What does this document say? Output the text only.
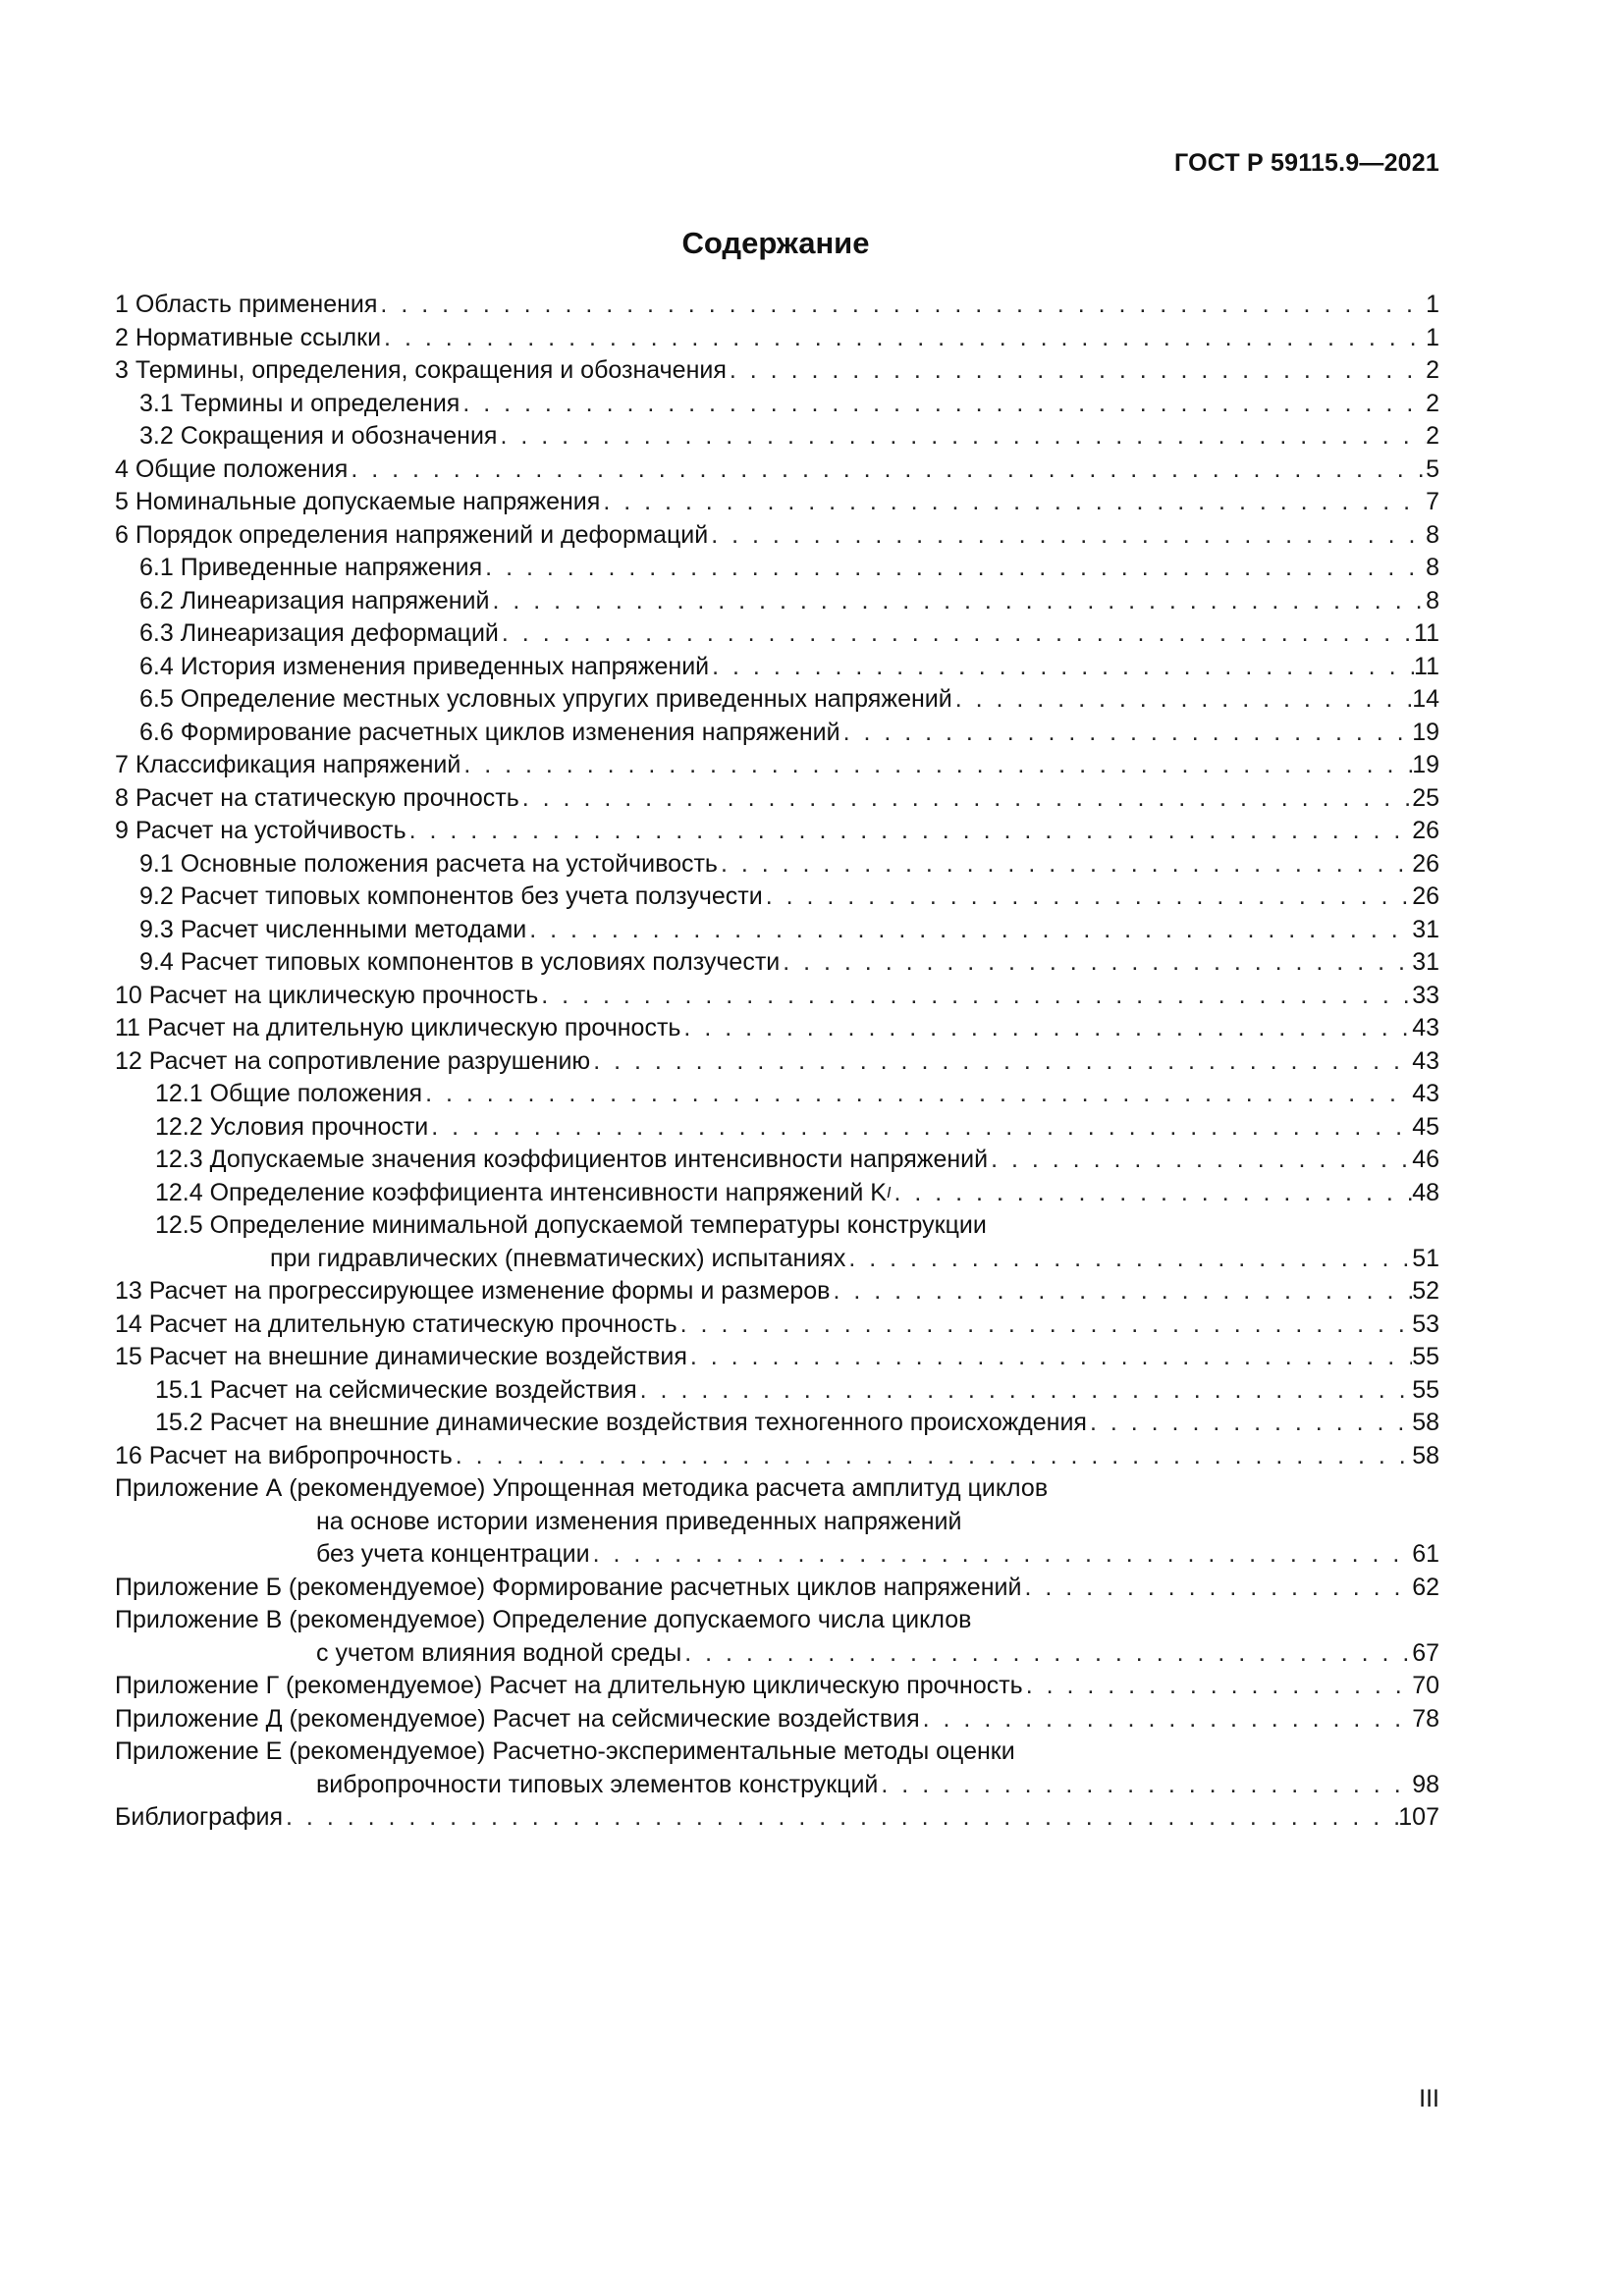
ГОСТ Р 59115.9—2021
Содержание
1 Область применения . . .	1
2 Нормативные ссылки . . .	1
3 Термины, определения, сокращения и обозначения . . .	2
3.1 Термины и определения . . .	2
3.2 Сокращения и обозначения . . .	2
4 Общие положения . . .	5
5 Номинальные допускаемые напряжения . . .	7
6 Порядок определения напряжений и деформаций . . .	8
6.1 Приведенные напряжения . . .	8
6.2 Линеаризация напряжений . . .	8
6.3 Линеаризация деформаций . . .	11
6.4 История изменения приведенных напряжений . . .	11
6.5 Определение местных условных упругих приведенных напряжений . . .	14
6.6 Формирование расчетных циклов изменения напряжений . . .	19
7 Классификация напряжений . . .	19
8 Расчет на статическую прочность . . .	25
9 Расчет на устойчивость . . .	26
9.1 Основные положения расчета на устойчивость . . .	26
9.2 Расчет типовых компонентов без учета ползучести . . .	26
9.3 Расчет численными методами . . .	31
9.4 Расчет типовых компонентов в условиях ползучести . . .	31
10 Расчет на циклическую прочность . . .	33
11 Расчет на длительную циклическую прочность . . .	43
12 Расчет на сопротивление разрушению . . .	43
12.1 Общие положения . . .	43
12.2 Условия прочности . . .	45
12.3 Допускаемые значения коэффициентов интенсивности напряжений . . .	46
12.4 Определение коэффициента интенсивности напряжений K I . . .	48
12.5 Определение минимальной допускаемой температуры конструкции
при гидравлических (пневматических) испытаниях . . .	51
13 Расчет на прогрессирующее изменение формы и размеров . . .	52
14 Расчет на длительную статическую прочность . . .	53
15 Расчет на внешние динамические воздействия . . .	55
15.1 Расчет на сейсмические воздействия . . .	55
15.2 Расчет на внешние динамические воздействия техногенного происхождения . . .	58
16 Расчет на вибропрочность . . .	58
Приложение А (рекомендуемое) Упрощенная методика расчета амплитуд циклов
на основе истории изменения приведенных напряжений
без учета концентрации . . .	61
Приложение Б (рекомендуемое) Формирование расчетных циклов напряжений . . .	62
Приложение В (рекомендуемое) Определение допускаемого числа циклов
с учетом влияния водной среды . . .	67
Приложение Г (рекомендуемое) Расчет на длительную циклическую прочность . . .	70
Приложение Д (рекомендуемое) Расчет на сейсмические воздействия . . .	78
Приложение Е (рекомендуемое) Расчетно-экспериментальные методы оценки
вибропрочности типовых элементов конструкций . . .	98
Библиография . . .	107
III
